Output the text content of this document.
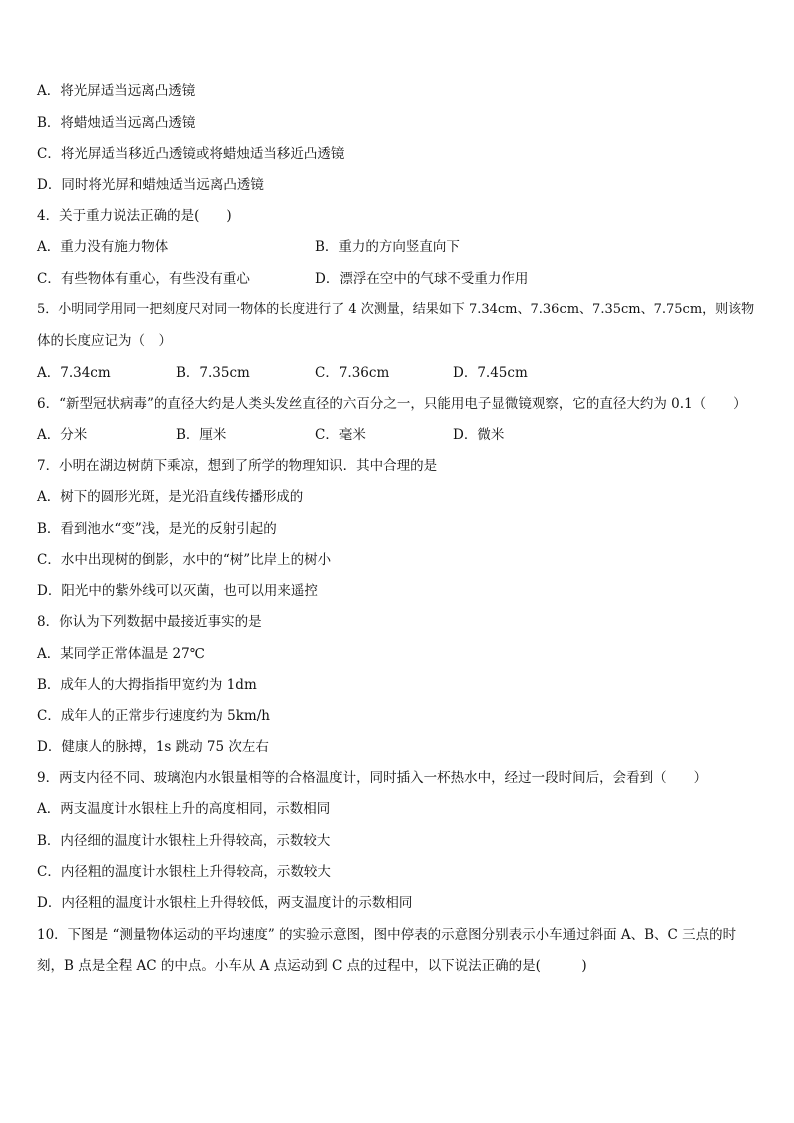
A．将光屏适当远离凸透镜
B．将蜡烛适当远离凸透镜
C．将光屏适当移近凸透镜或将蜡烛适当移近凸透镜
D．同时将光屏和蜡烛适当远离凸透镜
4．关于重力说法正确的是(　　)
A．重力没有施力物体	B．重力的方向竖直向下
C．有些物体有重心，有些没有重心	D．漂浮在空中的气球不受重力作用
5．小明同学用同一把刻度尺对同一物体的长度进行了 4 次测量，结果如下 7.34cm、7.36cm、7.35cm、7.75cm，则该物
体的长度应记为（　）
A．7.34cm	B．7.35cm	C．7.36cm	D．7.45cm
6．“新型冠状病毒”的直径大约是人类头发丝直径的六百分之一，只能用电子显微镜观察，它的直径大约为 0.1（　　）
A．分米	B．厘米	C．毫米	D．微米
7．小明在湖边树荫下乘凉，想到了所学的物理知识．其中合理的是
A．树下的圆形光斑，是光沿直线传播形成的
B．看到池水“变”浅，是光的反射引起的
C．水中出现树的倒影，水中的“树”比岸上的树小
D．阳光中的紫外线可以灭菌，也可以用来遥控
8．你认为下列数据中最接近事实的是
A．某同学正常体温是 27℃
B．成年人的大拇指指甲宽约为 1dm
C．成年人的正常步行速度约为 5km/h
D．健康人的脉搏，1s 跳动 75 次左右
9．两支内径不同、玻璃泡内水银量相等的合格温度计，同时插入一杯热水中，经过一段时间后，会看到（　　）
A．两支温度计水银柱上升的高度相同，示数相同
B．内径细的温度计水银柱上升得较高，示数较大
C．内径粗的温度计水银柱上升得较高，示数较大
D．内径粗的温度计水银柱上升得较低，两支温度计的示数相同
10．下图是 “测量物体运动的平均速度” 的实验示意图，图中停表的示意图分别表示小车通过斜面 A、B、C 三点的时
刻，B 点是全程 AC 的中点。小车从 A 点运动到 C 点的过程中，以下说法正确的是(　　　)
